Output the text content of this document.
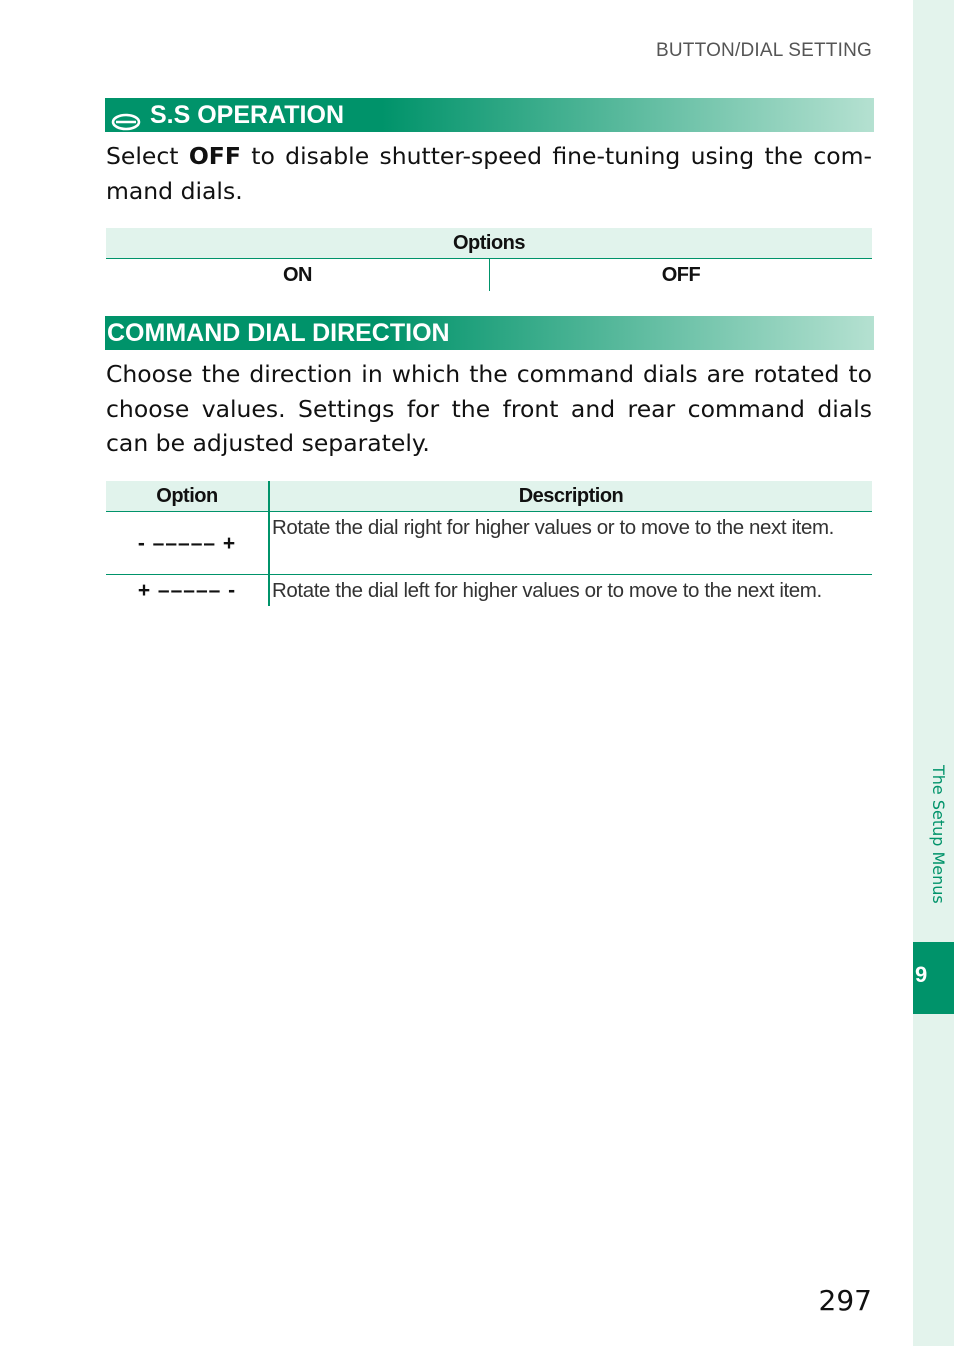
BUTTON/DIAL SETTING
S.S OPERATION

Select OFF to disable shutter-speed fine-tuning using the command dials.

Options
ON	OFF
COMMAND DIAL DIRECTION

Choose the direction in which the command dials are rotated to choose values. Settings for the front and rear command dials can be adjusted separately.

Option	Description
- ––––– +	Rotate the dial right for higher values or to move to the next item.
+ ––––– -	Rotate the dial left for higher values or to move to the next item.
The Setup Menus
9
297
